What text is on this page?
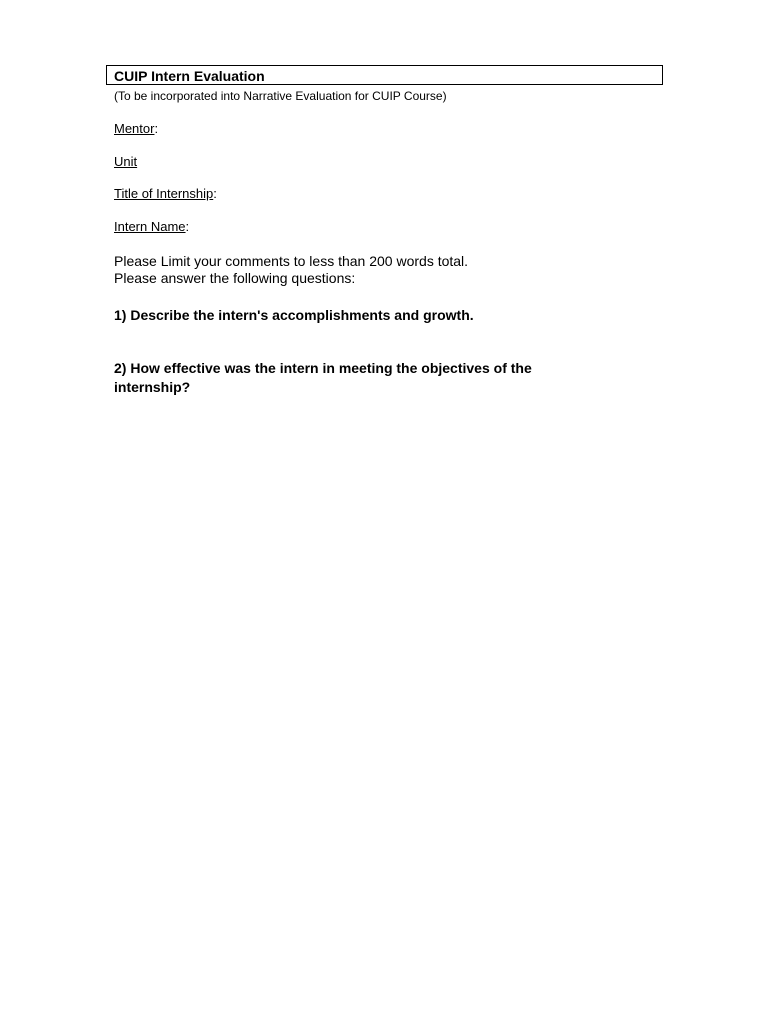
CUIP Intern Evaluation
(To be incorporated into Narrative Evaluation for CUIP Course)
Mentor:
Unit
Title of Internship:
Intern Name:
Please Limit your comments to less than 200 words total.
Please answer the following questions:
1) Describe the intern's accomplishments and growth.
2) How effective was the intern in meeting the objectives of the internship?
